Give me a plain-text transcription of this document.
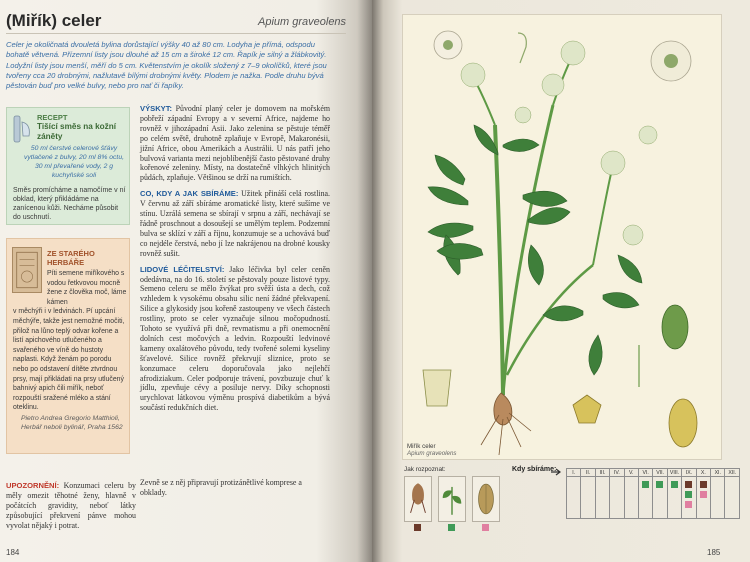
(Miřík) celer	Apium graveolens
Celer je okoličnatá dvouletá bylina dorůstající výšky 40 až 80 cm. Lodyha je přímá, odspodu bohatě větvená. Přízemní listy jsou dlouhé až 15 cm a široké 12 cm. Řapík je silný a žlábkovitý. Lodyžní listy jsou menší, měří do 5 cm. Květenstvím je okolík složený z 7–9 okolíčků, které jsou tvořeny cca 20 drobnými, nažlutavě bílými drobnými květy. Plodem je nažka. Podle druhu bývá pěstován buď pro velké bulvy, nebo pro nať či řapíky.
RECEPT
Tišící směs na kožní záněty
50 ml čerstvé celerové šťávy vytlačené z bulvy, 20 ml 8% octu, 30 ml převařené vody, 2 g kuchyňské soli
Směs promícháme a namočíme v ní obklad, který přikládáme na zanícenou kůži. Necháme působit do uschnutí.
ZE STARÉHO HERBÁŘE
Píti semene miříkového s vodou řetkvovou mocně žene z člověka moč, láme kámen
v měchýři i v ledvinách. Pí upcání měchýře, takže jest nemožné močiti, přilož na lůno teplý odvar kořene a listí apichového utlučeného a svařeného ve víně do hustoty naplasti. Když ženám po porodu nebo po odstavení dítěte ztvrdnou prsy, mají přikládati na prsy utlučený bahnivý apich čili miřík, neboť rozpouští sražené mléko a stání oteklinu.
Pietro Andrea Gregorio Matthioli, Herbář neboli bylinář, Praha 1562

VÝSKYT: Původní planý celer je domovem na mořském pobřeží západní Evropy a v severní Africe, najdeme ho rovněž v jihozápadní Asii. Jako zelenina se pěstuje téměř po celém světě, druhotně zplaňuje v Evropě, Makaronésii, jižní Africe, obou Amerikách a Austrálii. U nás patří jeho bulvová varianta mezi nejoblíbenější často pěstované druhy kořenové zeleniny. Místy, na dostatečně vlhkých hlinitých půdách, zplaňuje. Většinou se drží na rumištích.

CO, KDY A JAK SBÍRÁME: Užitek přináší celá rostlina. V červnu až září sbíráme aromatické listy, které sušíme ve stínu. Uzrálá semena se sbírají v srpnu a září, nechávají se řádně proschnout a dosoušejí se umělým teplem. Podzemní bulva se sklízí v září a říjnu, konzumuje se a uchovává buď co nejdéle čerstvá, nebo jí lze nakrájenou na drobné kousky rovněž sušit.

LIDOVÉ LÉČITELSTVÍ: Jako léčivka byl celer ceněn odedávna, na do 16. století se pěstovaly pouze listové typy. Semeno celeru se mělo žvýkat pro svěží ústa a dech, což vzhledem k vysokému obsahu silic není žádné překvapení. Silice a glykosidy jsou kořeně zastoupeny ve všech částech rostliny, proto se celer vyznačuje silnou močopudností. Tohoto se využívá při dně, revmatismu a při onemocnění dolních cest močových a ledvin. Rozpouští ledvinové kameny oxalátového původu, tedy tvořené solemi kyseliny šťavelové. Silice rovněž překrvují sliznice, proto se konzumace celeru doporučovala jako nejlehčí afrodiziakum. Celer podporuje trávení, povzbuzuje chuť k jídlu, zpevňuje cévy a posiluje nervy. Díky schopnosti urychlovat látkovou výměnu prospívá diabetikům a bývá součástí redukčních diet.

Zevně se z něj připravují protizánětlivé komprese a obklady.
UPOZORNĚNÍ: Konzumaci celeru by měly omezit těhotné ženy, hlavně v počátcích gravidity, neboť látky způsobující překrvení pánve mohou vyvolat nějaký i potrat.
184
Miřík celer
Apium graveolens
Jak rozpoznat:	Kdy sbíráme:	I.	II.	III.	IV.	V.	VI.	VII.	VIII.	IX.	X.	XI.	XII.

185
